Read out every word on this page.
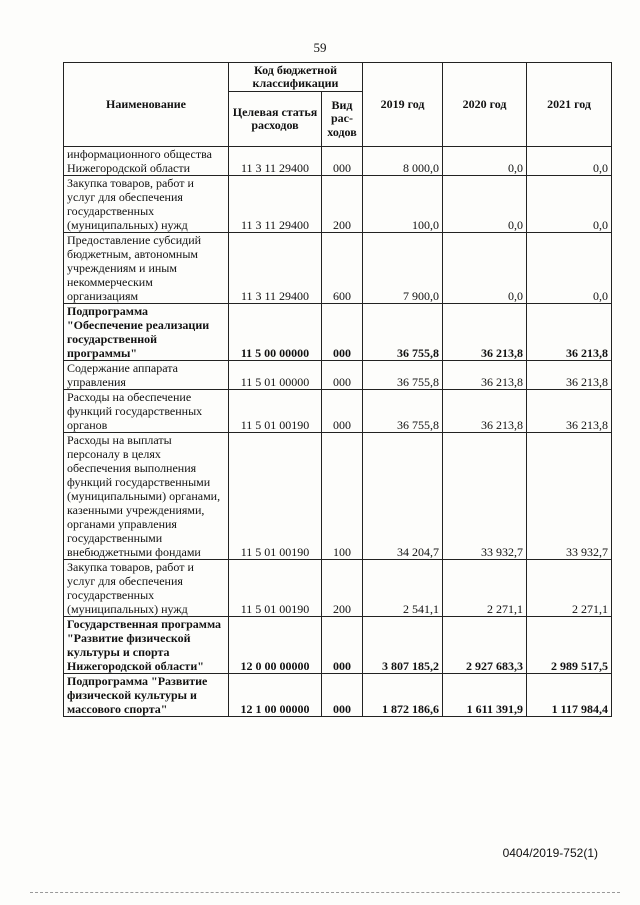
59
Наименование	Код бюджетной классификации		2019 год	2020 год	2021 год
	Целевая статья расходов	Вид рас-ходов			
информационного общества Нижегородской области	11 3 11 29400	000	8 000,0	0,0	0,0
Закупка товаров, работ и услуг для обеспечения государственных (муниципальных) нужд	11 3 11 29400	200	100,0	0,0	0,0
Предоставление субсидий бюджетным, автономным учреждениям и иным некоммерческим организациям	11 3 11 29400	600	7 900,0	0,0	0,0
Подпрограмма "Обеспечение реализации государственной программы"	11 5 00 00000	000	36 755,8	36 213,8	36 213,8
Содержание аппарата управления	11 5 01 00000	000	36 755,8	36 213,8	36 213,8
Расходы на обеспечение функций государственных органов	11 5 01 00190	000	36 755,8	36 213,8	36 213,8
Расходы на выплаты персоналу в целях обеспечения выполнения функций государственными (муниципальными) органами, казенными учреждениями, органами управления государственными внебюджетными фондами	11 5 01 00190	100	34 204,7	33 932,7	33 932,7
Закупка товаров, работ и услуг для обеспечения государственных (муниципальных) нужд	11 5 01 00190	200	2 541,1	2 271,1	2 271,1
Государственная программа "Развитие физической культуры и спорта Нижегородской области"	12 0 00 00000	000	3 807 185,2	2 927 683,3	2 989 517,5
Подпрограмма "Развитие физической культуры и массового спорта"	12 1 00 00000	000	1 872 186,6	1 611 391,9	1 117 984,4
0404/2019-752(1)
